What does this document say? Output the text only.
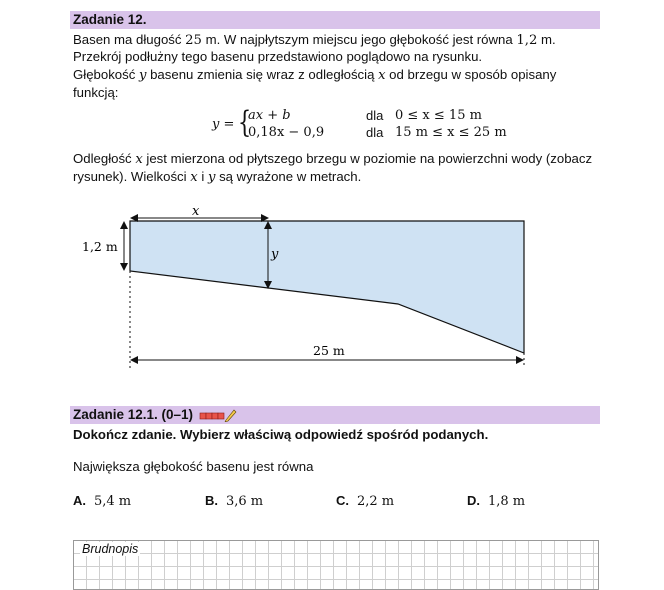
Zadanie 12.
Basen ma długość 25 m. W najpłytszym miejscu jego głębokość jest równa 1,2 m.
Przekrój podłużny tego basenu przedstawiono poglądowo na rysunku.
Głębokość y basenu zmienia się wraz z odległością x od brzegu w sposób opisany
funkcją:
y = {
ax + b	dla 0 ≤ x ≤ 15 m
0,18x − 0,9	dla 15 m ≤ x ≤ 25 m
Odległość x jest mierzona od płytszego brzegu w poziomie na powierzchni wody (zobacz
rysunek). Wielkości x i y są wyrażone w metrach.
x
y
1,2 m
25 m
Zadanie 12.1. (0–1)
Dokończ zdanie. Wybierz właściwą odpowiedź spośród podanych.
Największa głębokość basenu jest równa
A. 5,4 m	B. 3,6 m	C. 2,2 m	D. 1,8 m
Brudnopis
